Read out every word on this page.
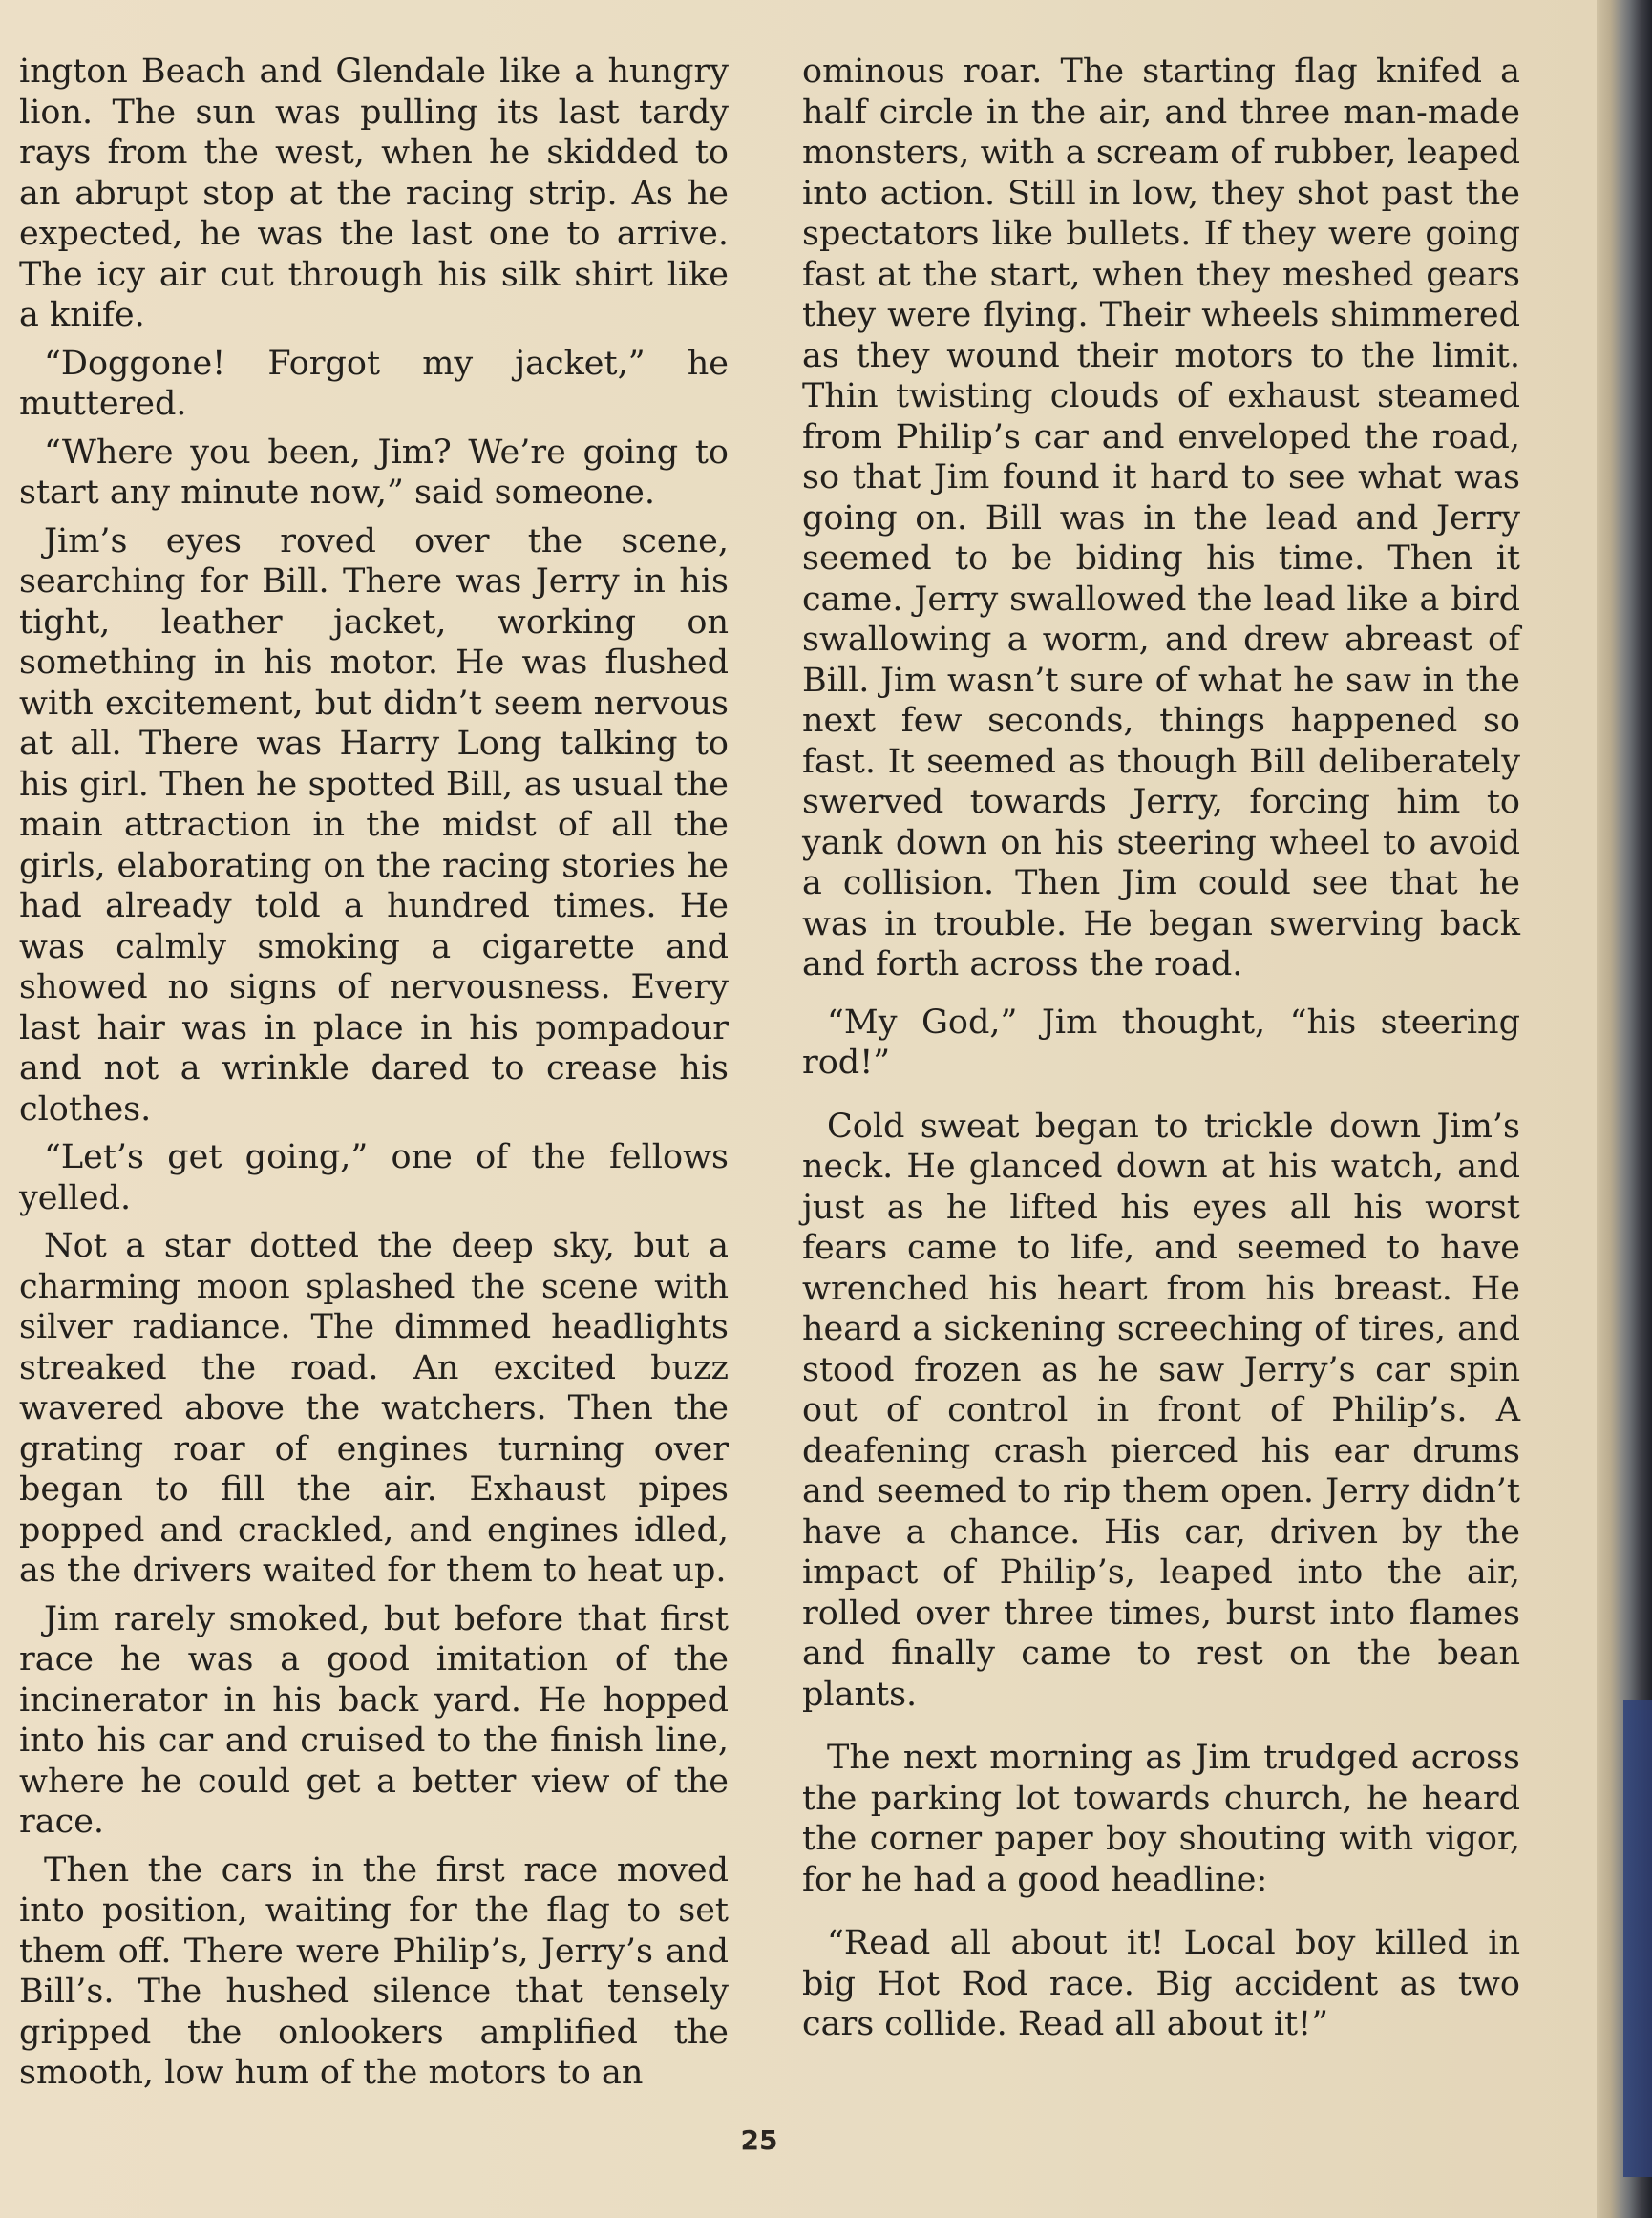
ington Beach and Glendale like a hungry lion. The sun was pulling its last tardy rays from the west, when he skidded to an abrupt stop at the racing strip. As he expected, he was the last one to arrive. The icy air cut through his silk shirt like a knife.

“Doggone! Forgot my jacket,” he muttered.

“Where you been, Jim? We’re going to start any minute now,” said someone.

Jim’s eyes roved over the scene, searching for Bill. There was Jerry in his tight, leather jacket, working on something in his motor. He was flushed with excitement, but didn’t seem nervous at all. There was Harry Long talking to his girl. Then he spotted Bill, as usual the main attraction in the midst of all the girls, elaborating on the racing stories he had already told a hundred times. He was calmly smoking a cigarette and showed no signs of nervousness. Every last hair was in place in his pompadour and not a wrinkle dared to crease his clothes.

“Let’s get going,” one of the fellows yelled.

Not a star dotted the deep sky, but a charming moon splashed the scene with silver radiance. The dimmed headlights streaked the road. An excited buzz wavered above the watchers. Then the grating roar of engines turning over began to fill the air. Exhaust pipes popped and crackled, and engines idled, as the drivers waited for them to heat up.

Jim rarely smoked, but before that first race he was a good imitation of the incinerator in his back yard. He hopped into his car and cruised to the finish line, where he could get a better view of the race.

Then the cars in the first race moved into position, waiting for the flag to set them off. There were Philip’s, Jerry’s and Bill’s. The hushed silence that tensely gripped the onlookers amplified the smooth, low hum of the motors to an

ominous roar. The starting flag knifed a half circle in the air, and three man-made monsters, with a scream of rubber, leaped into action. Still in low, they shot past the spectators like bullets. If they were going fast at the start, when they meshed gears they were flying. Their wheels shimmered as they wound their motors to the limit. Thin twisting clouds of exhaust steamed from Philip’s car and enveloped the road, so that Jim found it hard to see what was going on. Bill was in the lead and Jerry seemed to be biding his time. Then it came. Jerry swallowed the lead like a bird swallowing a worm, and drew abreast of Bill. Jim wasn’t sure of what he saw in the next few seconds, things happened so fast. It seemed as though Bill deliberately swerved towards Jerry, forcing him to yank down on his steering wheel to avoid a collision. Then Jim could see that he was in trouble. He began swerving back and forth across the road.

“My God,” Jim thought, “his steering rod!”

Cold sweat began to trickle down Jim’s neck. He glanced down at his watch, and just as he lifted his eyes all his worst fears came to life, and seemed to have wrenched his heart from his breast. He heard a sickening screeching of tires, and stood frozen as he saw Jerry’s car spin out of control in front of Philip’s. A deafening crash pierced his ear drums and seemed to rip them open. Jerry didn’t have a chance. His car, driven by the impact of Philip’s, leaped into the air, rolled over three times, burst into flames and finally came to rest on the bean plants.

The next morning as Jim trudged across the parking lot towards church, he heard the corner paper boy shouting with vigor, for he had a good headline:

“Read all about it! Local boy killed in big Hot Rod race. Big accident as two cars collide. Read all about it!”

25
